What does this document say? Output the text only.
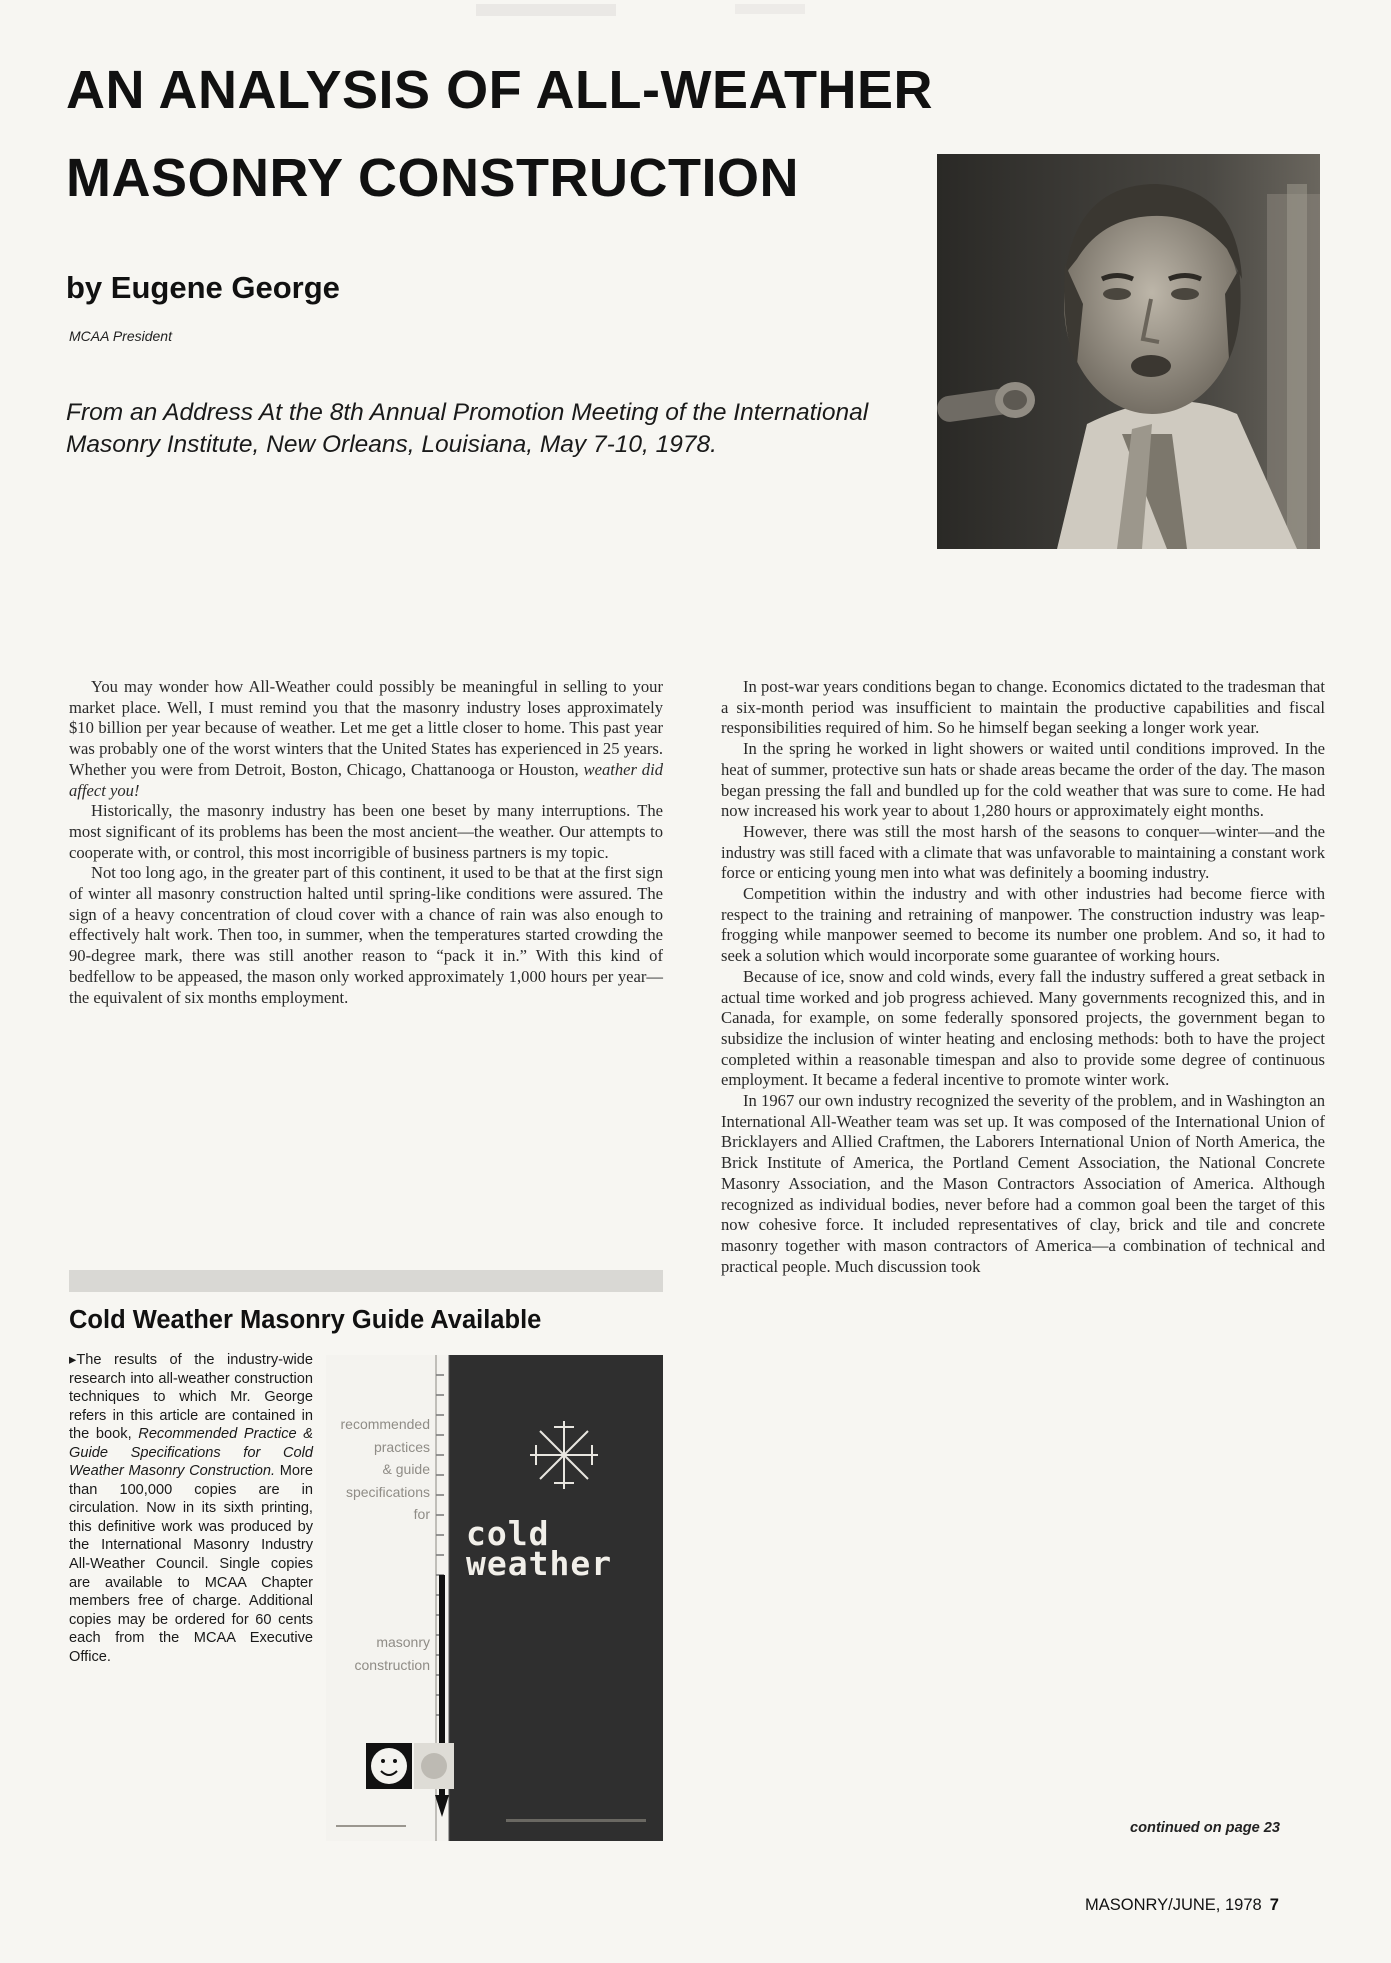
AN ANALYSIS OF ALL-WEATHER
MASONRY CONSTRUCTION
by Eugene George
MCAA President
From an Address At the 8th Annual Promotion Meeting of the International Masonry Institute, New Orleans, Louisiana, May 7-10, 1978.

You may wonder how All-Weather could possibly be meaningful in selling to your market place. Well, I must remind you that the masonry industry loses approximately $10 billion per year because of weather. Let me get a little closer to home. This past year was probably one of the worst winters that the United States has experienced in 25 years. Whether you were from Detroit, Boston, Chicago, Chattanooga or Houston, weather did affect you!

Historically, the masonry industry has been one beset by many interruptions. The most significant of its problems has been the most ancient—the weather. Our attempts to cooperate with, or control, this most incorrigible of business partners is my topic.

Not too long ago, in the greater part of this continent, it used to be that at the first sign of winter all masonry construction halted until spring-like conditions were assured. The sign of a heavy concentration of cloud cover with a chance of rain was also enough to effectively halt work. Then too, in summer, when the temperatures started crowding the 90-degree mark, there was still another reason to “pack it in.” With this kind of bedfellow to be appeased, the mason only worked approximately 1,000 hours per year—the equivalent of six months employment.

Cold Weather Masonry Guide Available
▸The results of the industry-wide research into all-weather construction techniques to which Mr. George refers in this article are contained in the book, Recommended Practice & Guide Specifications for Cold Weather Masonry Construction. More than 100,000 copies are in circulation. Now in its sixth printing, this definitive work was produced by the International Masonry Industry All-Weather Council. Single copies are available to MCAA Chapter members free of charge. Additional copies may be ordered for 60 cents each from the MCAA Executive Office.
recommended
practices
& guide
specifications
for
masonry
construction
cold
weather

In post-war years conditions began to change. Economics dictated to the tradesman that a six-month period was insufficient to maintain the productive capabilities and fiscal responsibilities required of him. So he himself began seeking a longer work year.

In the spring he worked in light showers or waited until conditions improved. In the heat of summer, protective sun hats or shade areas became the order of the day. The mason began pressing the fall and bundled up for the cold weather that was sure to come. He had now increased his work year to about 1,280 hours or approximately eight months.

However, there was still the most harsh of the seasons to conquer—winter—and the industry was still faced with a climate that was unfavorable to maintaining a constant work force or enticing young men into what was definitely a booming industry.

Competition within the industry and with other industries had become fierce with respect to the training and retraining of manpower. The construction industry was leap-frogging while manpower seemed to become its number one problem. And so, it had to seek a solution which would incorporate some guarantee of working hours.

Because of ice, snow and cold winds, every fall the industry suffered a great setback in actual time worked and job progress achieved. Many governments recognized this, and in Canada, for example, on some federally sponsored projects, the government began to subsidize the inclusion of winter heating and enclosing methods: both to have the project completed within a reasonable timespan and also to provide some degree of continuous employment. It became a federal incentive to promote winter work.

In 1967 our own industry recognized the severity of the problem, and in Washington an International All-Weather team was set up. It was composed of the International Union of Bricklayers and Allied Craftmen, the Laborers International Union of North America, the Brick Institute of America, the Portland Cement Association, the National Concrete Masonry Association, and the Mason Contractors Association of America. Although recognized as individual bodies, never before had a common goal been the target of this now cohesive force. It included representatives of clay, brick and tile and concrete masonry together with mason contractors of America—a combination of technical and practical people. Much discussion took

continued on page 23
MASONRY/JUNE, 1978 7
